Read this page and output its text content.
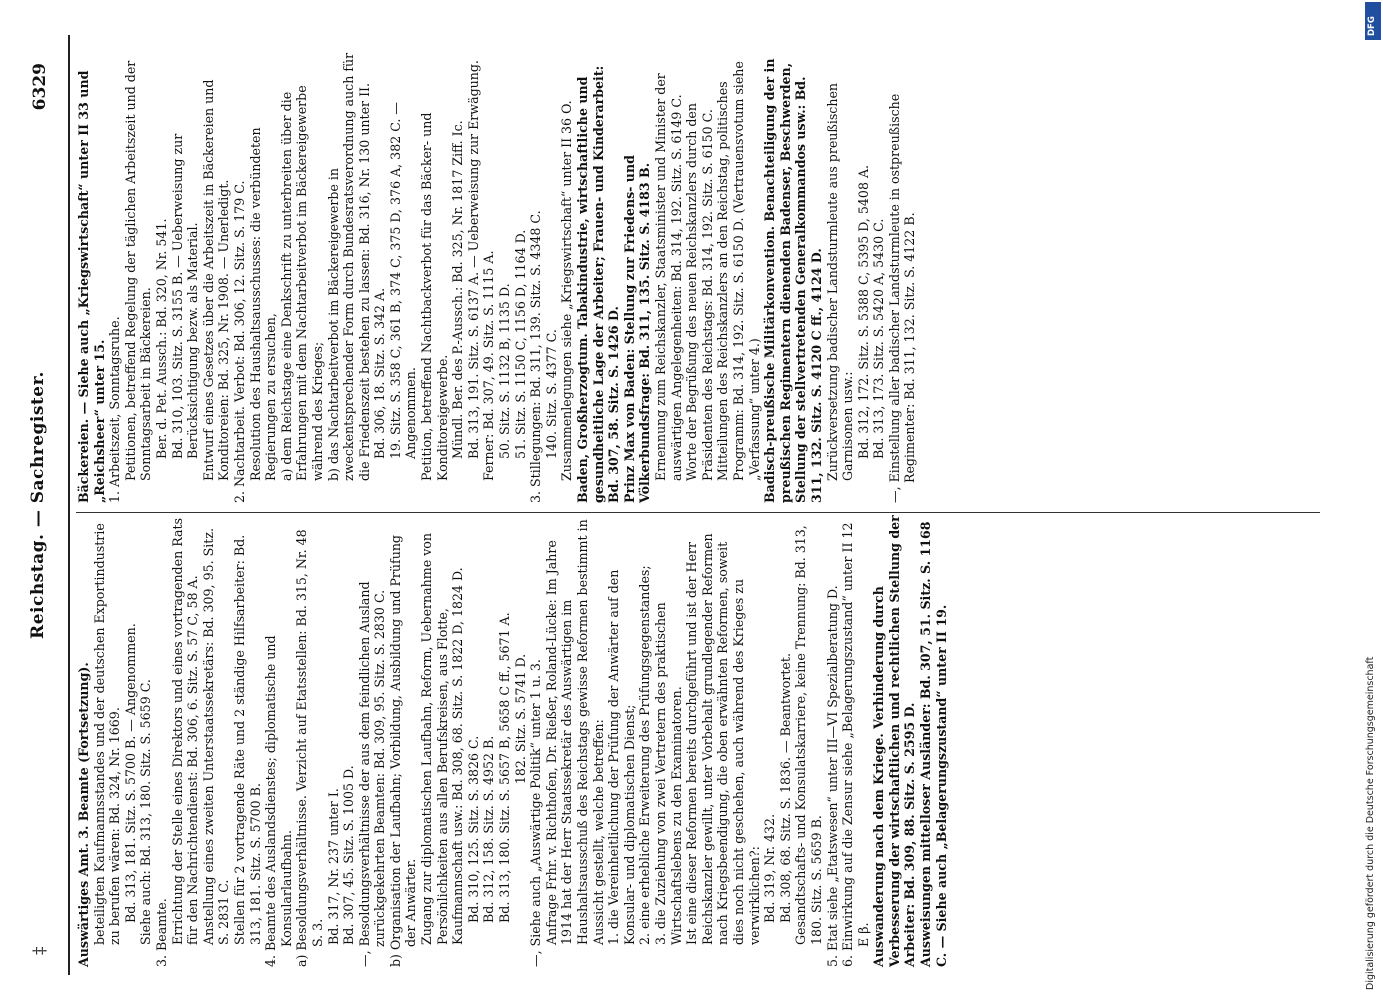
‡
Reichstag. — Sachregister.
6329

Auswärtiges Amt. 3. Beamte (Fortsetzung). beteiligten Kaufmannsstandes und der deutschen Exportindustrie zu berufen wären: Bd. 324, Nr. 1669. Bd. 313, 181. Sitz. S. 5700 B. — Angenommen. Siehe auch: Bd. 313, 180. Sitz. S. 5659 C. 3. Beamte. Errichtung der Stelle eines Direktors und eines vortragenden Rats für den Nachrichtendienst: Bd. 306, 6. Sitz. S. 57 C, 58 A. Anstellung eines zweiten Unterstaatssekretärs: Bd. 309, 95. Sitz. S. 2831 C. Stellen für 2 vortragende Räte und 2 ständige Hilfsarbeiter: Bd. 313, 181. Sitz. S. 5700 B. 4. Beamte des Auslandsdienstes; diplomatische und Konsularlaufbahn. a) Besoldungsverhältnisse. Verzicht auf Etatsstellen: Bd. 315, Nr. 48 S. 3. Bd. 317, Nr. 237 unter I. Bd. 307, 45. Sitz. S. 1005 D. —, Besoldungsverhältnisse der aus dem feindlichen Ausland zurückgekehrten Beamten: Bd. 309, 95. Sitz. S. 2830 C. b) Organisation der Laufbahn; Vorbildung, Ausbildung und Prüfung der Anwärter. Zugang zur diplomatischen Laufbahn, Reform, Uebernahme von Persönlichkeiten aus allen Berufskreisen, aus Flotte, Kaufmannschaft usw.: Bd. 308, 68. Sitz. S. 1822 D, 1824 D. Bd. 310, 125. Sitz. S. 3826 C. Bd. 312, 158. Sitz. S. 4952 B. Bd. 313, 180. Sitz. S. 5657 B, 5658 C ff., 5671 A. 182. Sitz. S. 5741 D. —, Siehe auch „Auswärtige Politik“ unter 1 u. 3. Anfrage Frhr. v. Richthofen, Dr. Rießer, Roland-Lücke: Im Jahre 1914 hat der Herr Staatssekretär des Auswärtigen im Haushaltsausschuß des Reichstags gewisse Reformen bestimmt in Aussicht gestellt, welche betreffen: 1. die Vereinheitlichung der Prüfung der Anwärter auf den Konsular- und diplomatischen Dienst; 2. eine erhebliche Erweiterung des Prüfungsgegenstandes; 3. die Zuziehung von zwei Vertretern des praktischen Wirtschaftslebens zu den Examinatoren. Ist eine dieser Reformen bereits durchgeführt und ist der Herr Reichskanzler gewillt, unter Vorbehalt grundlegender Reformen nach Kriegsbeendigung, die oben erwähnten Reformen, soweit dies noch nicht geschehen, auch während des Krieges zu verwirklichen?: Bd. 319, Nr. 432. Bd. 308, 68. Sitz. S. 1836. — Beantwortet. Gesandtschafts- und Konsulatskarriere, keine Trennung: Bd. 313, 180. Sitz. S. 5659 B. 5. Etat siehe „Etatswesen“ unter III—VI Spezialberatung D. 6. Einwirkung auf die Zensur siehe „Belagerungszustand“ unter II 12 E β. Auswanderung nach dem Kriege. Verhinderung durch Verbesserung der wirtschaftlichen und rechtlichen Stellung der Arbeiter: Bd. 309, 88. Sitz. S. 2595 D. Ausweisungen mittelloser Ausländer: Bd. 307, 51. Sitz. S. 1168 C. — Siehe auch „Belagerungszustand“ unter II 19.

Bäckereien. — Siehe auch „Kriegswirtschaft“ unter II 33 und „Reichsheer“ unter 15. 1. Arbeitszeit, Sonntagsruhe. Petitionen, betreffend Regelung der täglichen Arbeitszeit und der Sonntagsarbeit in Bäckereien. Ber. d. Pet. Aussch.: Bd. 320, Nr. 541. Bd. 310, 103. Sitz. S. 3155 B. — Ueberweisung zur Berücksichtigung bezw. als Material. Entwurf eines Gesetzes über die Arbeitszeit in Bäckereien und Konditoreien: Bd. 325, Nr. 1908. — Unerledigt. 2. Nachtarbeit. Verbot: Bd. 306, 12. Sitz. S. 179 C. Resolution des Haushaltsausschusses: die verbündeten Regierungen zu ersuchen, a) dem Reichstage eine Denkschrift zu unterbreiten über die Erfahrungen mit dem Nachtarbeitverbot im Bäckereigewerbe während des Krieges; b) das Nachtarbeitverbot im Bäckereigewerbe in zweckentsprechender Form durch Bundesratsverordnung auch für die Friedenszeit bestehen zu lassen: Bd. 316, Nr. 130 unter II. Bd. 306, 18. Sitz. S. 342 A. 19. Sitz. S. 358 C, 361 B, 374 C, 375 D, 376 A, 382 C. — Angenommen. Petition, betreffend Nachtbackverbot für das Bäcker- und Konditoreigewerbe. Mündl. Ber. des P.-Aussch.: Bd. 325, Nr. 1817 Ziff. Ic. Bd. 313, 191. Sitz. S. 6137 A. — Ueberweisung zur Erwägung. Ferner: Bd. 307, 49. Sitz. S. 1115 A. 50. Sitz. S. 1132 B, 1135 D. 51. Sitz. S. 1150 C, 1156 D, 1164 D. 3. Stillegungen: Bd. 311, 139. Sitz. S. 4348 C. 140. Sitz. S. 4377 C. Zusammenlegungen siehe „Kriegswirtschaft“ unter II 36 O. Baden, Großherzogtum. Tabakindustrie, wirtschaftliche und gesundheitliche Lage der Arbeiter; Frauen- und Kinderarbeit: Bd. 307, 58. Sitz. S. 1426 D. Prinz Max von Baden: Stellung zur Friedens- und Völkerbundsfrage: Bd. 311, 135. Sitz. S. 4183 B. Ernennung zum Reichskanzler, Staatsminister und Minister der auswärtigen Angelegenheiten: Bd. 314, 192. Sitz. S. 6149 C. Worte der Begrüßung des neuen Reichskanzlers durch den Präsidenten des Reichstags: Bd. 314, 192. Sitz. S. 6150 C. Mitteilungen des Reichskanzlers an den Reichstag, politisches Programm: Bd. 314, 192. Sitz. S. 6150 D. (Vertrauensvotum siehe „Verfassung“ unter 4.) Badisch-preußische Militärkonvention. Benachteiligung der in preußischen Regimentern dienenden Badenser, Beschwerden, Stellung der stellvertretenden Generalkommandos usw.: Bd. 311, 132. Sitz. S. 4120 C ff., 4124 D. Zurückversetzung badischer Landsturmleute aus preußischen Garnisonen usw.: Bd. 312, 172. Sitz. S. 5388 C, 5395 D, 5408 A. Bd. 313, 173. Sitz. S. 5420 A, 5430 C. —, Einstellung aller badischer Landsturmleute in ostpreußische Regimenter: Bd. 311, 132. Sitz. S. 4122 B.

DFG
Digitalisierung gefördert durch die Deutsche Forschungsgemeinschaft
